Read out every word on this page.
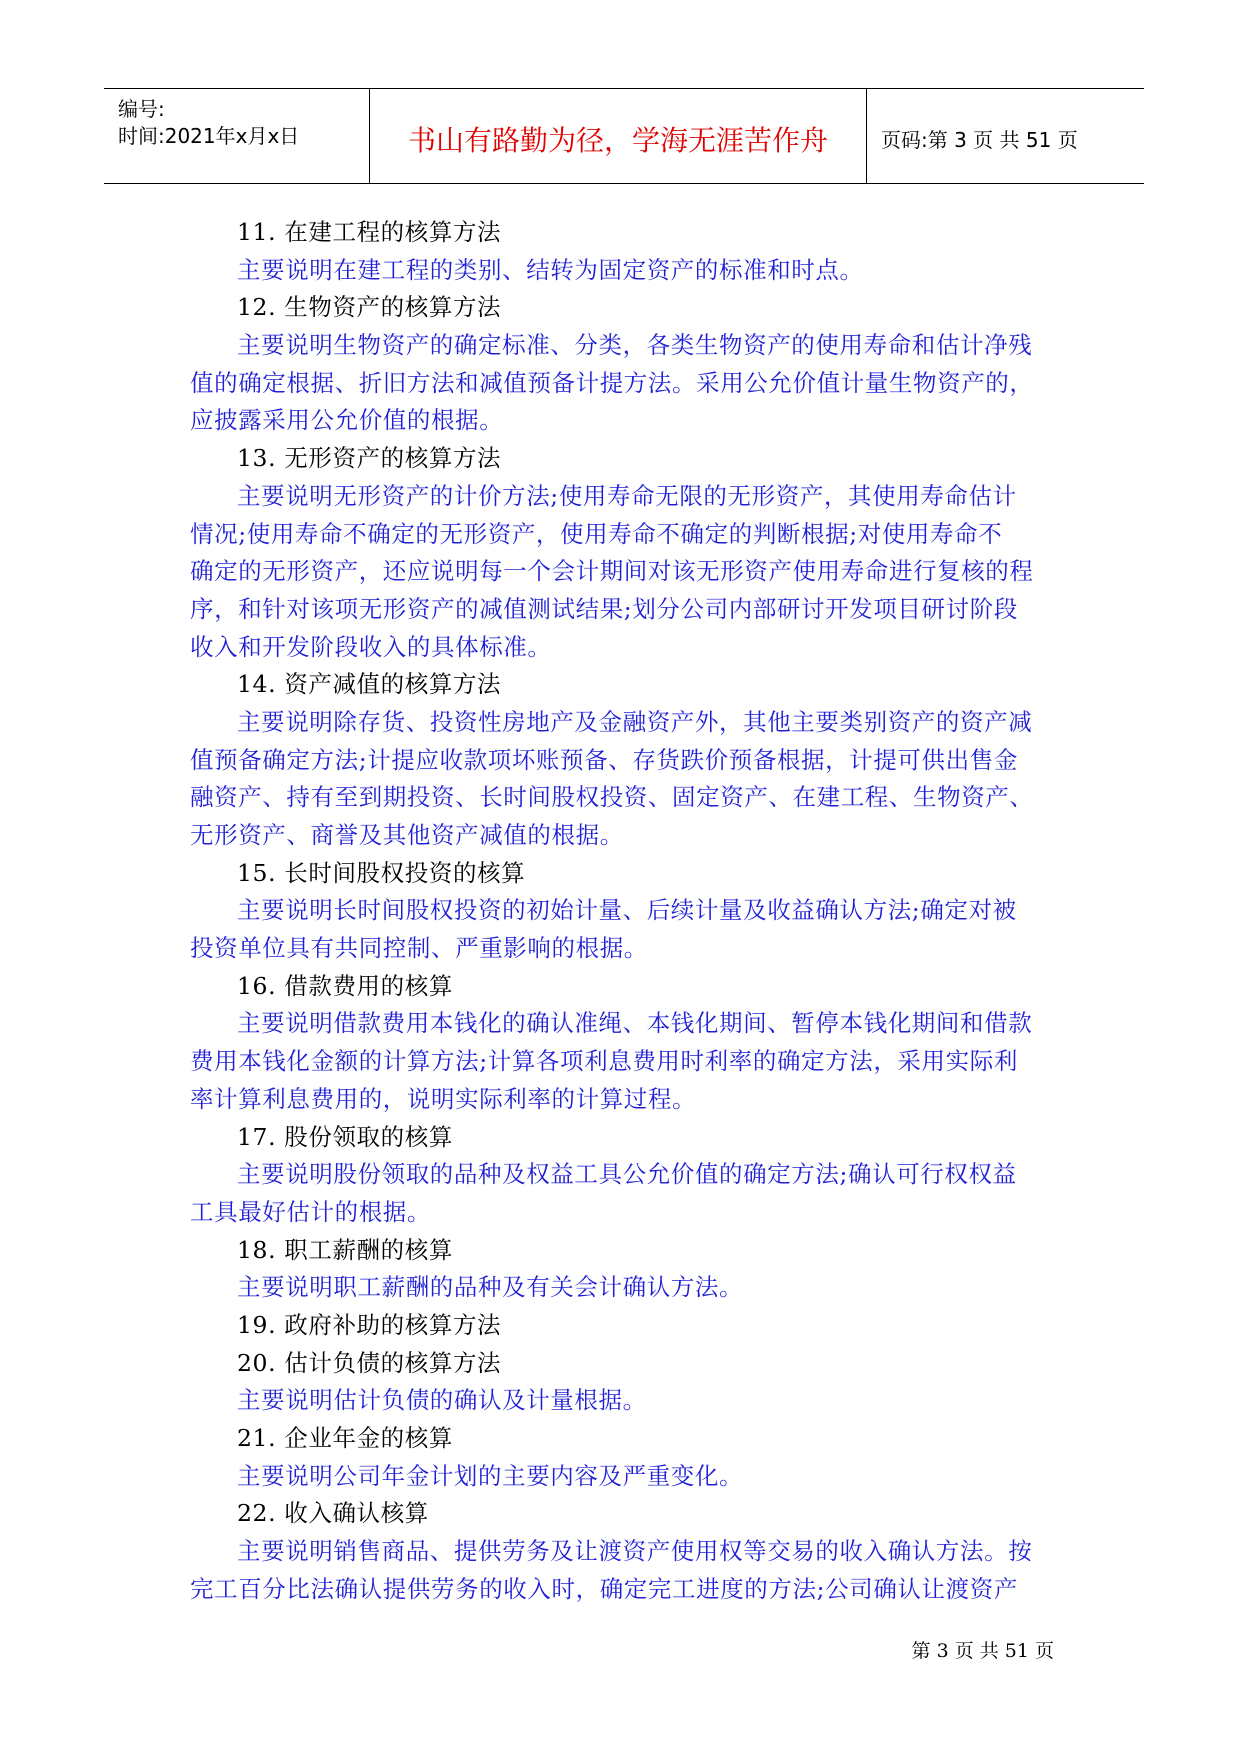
编号:
时间:2021年x月x日	书山有路勤为径，学海无涯苦作舟	页码:第 3 页 共 51 页
11. 在建工程的核算方法
主要说明在建工程的类别、结转为固定资产的标准和时点。
12. 生物资产的核算方法
主要说明生物资产的确定标准、分类，各类生物资产的使用寿命和估计净残
值的确定根据、折旧方法和减值预备计提方法。采用公允价值计量生物资产的，
应披露采用公允价值的根据。
13. 无形资产的核算方法
主要说明无形资产的计价方法;使用寿命无限的无形资产，其使用寿命估计
情况;使用寿命不确定的无形资产，使用寿命不确定的判断根据;对使用寿命不
确定的无形资产，还应说明每一个会计期间对该无形资产使用寿命进行复核的程
序，和针对该项无形资产的减值测试结果;划分公司内部研讨开发项目研讨阶段
收入和开发阶段收入的具体标准。
14. 资产减值的核算方法
主要说明除存货、投资性房地产及金融资产外，其他主要类别资产的资产减
值预备确定方法;计提应收款项坏账预备、存货跌价预备根据，计提可供出售金
融资产、持有至到期投资、长时间股权投资、固定资产、在建工程、生物资产、
无形资产、商誉及其他资产减值的根据。
15. 长时间股权投资的核算
主要说明长时间股权投资的初始计量、后续计量及收益确认方法;确定对被
投资单位具有共同控制、严重影响的根据。
16. 借款费用的核算
主要说明借款费用本钱化的确认准绳、本钱化期间、暂停本钱化期间和借款
费用本钱化金额的计算方法;计算各项利息费用时利率的确定方法，采用实际利
率计算利息费用的，说明实际利率的计算过程。
17. 股份领取的核算
主要说明股份领取的品种及权益工具公允价值的确定方法;确认可行权权益
工具最好估计的根据。
18. 职工薪酬的核算
主要说明职工薪酬的品种及有关会计确认方法。
19. 政府补助的核算方法
20. 估计负债的核算方法
主要说明估计负债的确认及计量根据。
21. 企业年金的核算
主要说明公司年金计划的主要内容及严重变化。
22. 收入确认核算
主要说明销售商品、提供劳务及让渡资产使用权等交易的收入确认方法。按
完工百分比法确认提供劳务的收入时，确定完工进度的方法;公司确认让渡资产
第 3 页 共 51 页
